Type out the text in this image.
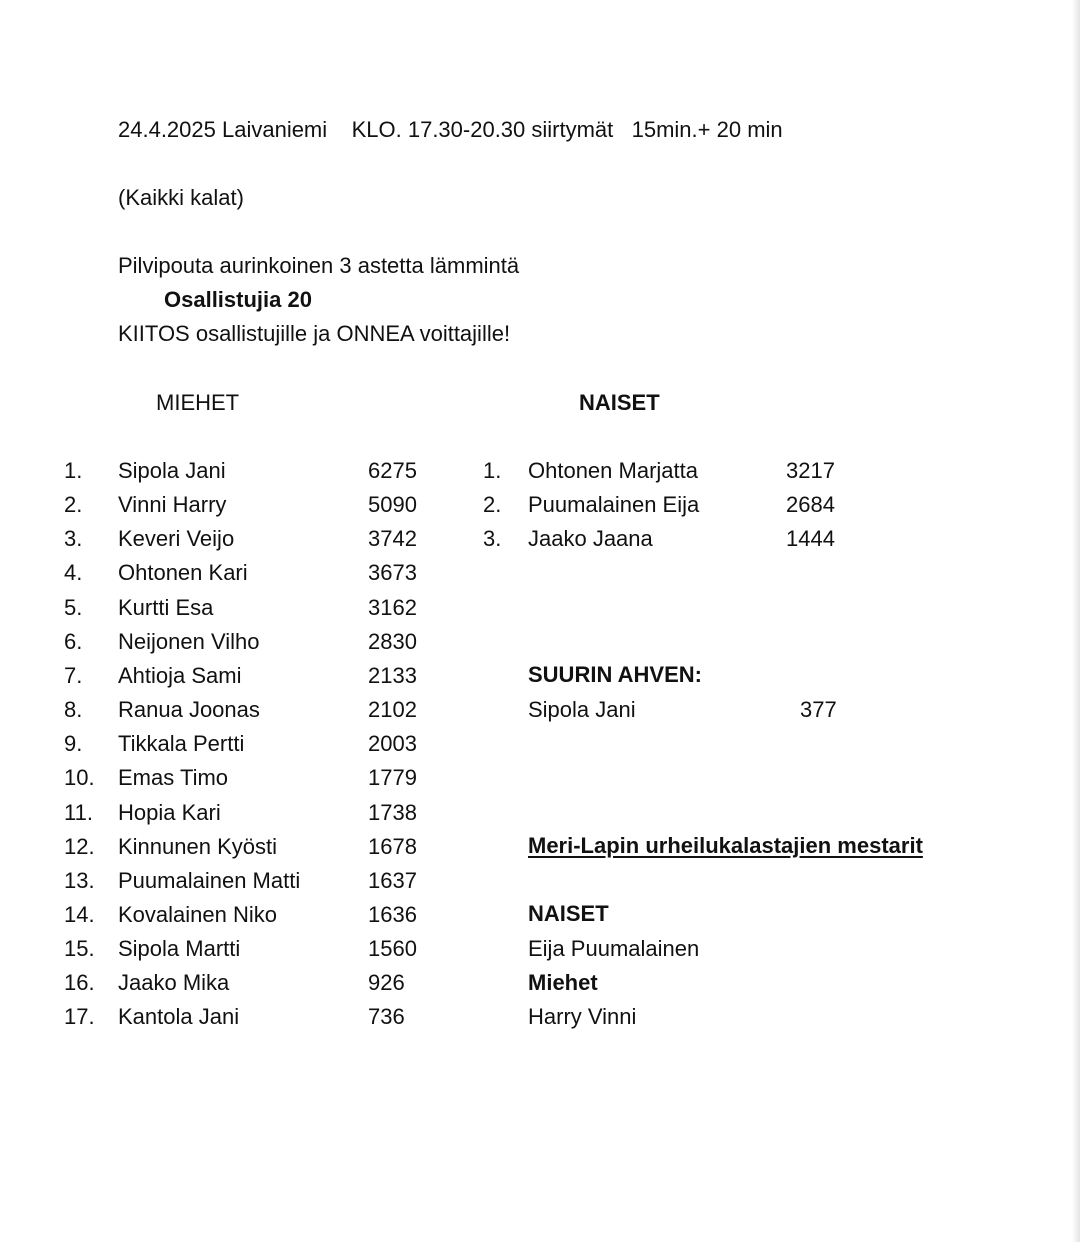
24.4.2025 Laivaniemi    KLO. 17.30-20.30 siirtymät   15min.+ 20 min
(Kaikki kalat)
Pilvipouta aurinkoinen 3 astetta lämmintä
Osallistujia 20
KIITOS osallistujille ja ONNEA voittajille!
MIEHET	NAISET
1. Sipola Jani	6275
2. Vinni Harry	5090
3. Keveri Veijo	3742
4. Ohtonen Kari	3673
5. Kurtti Esa	3162
6. Neijonen Vilho	2830
7. Ahtioja Sami	2133
8. Ranua Joonas	2102
9. Tikkala Pertti	2003
10. Emas Timo	1779
11. Hopia Kari	1738
12. Kinnunen Kyösti	1678
13. Puumalainen Matti	1637
14. Kovalainen Niko	1636
15. Sipola Martti	1560
16. Jaako Mika	926
17. Kantola Jani	736
1. Ohtonen Marjatta	3217
2. Puumalainen Eija	2684
3. Jaako Jaana	1444
SUURIN AHVEN:
Sipola Jani	377
Meri-Lapin urheilukalastajien mestarit
NAISET
Eija Puumalainen
Miehet
Harry Vinni
